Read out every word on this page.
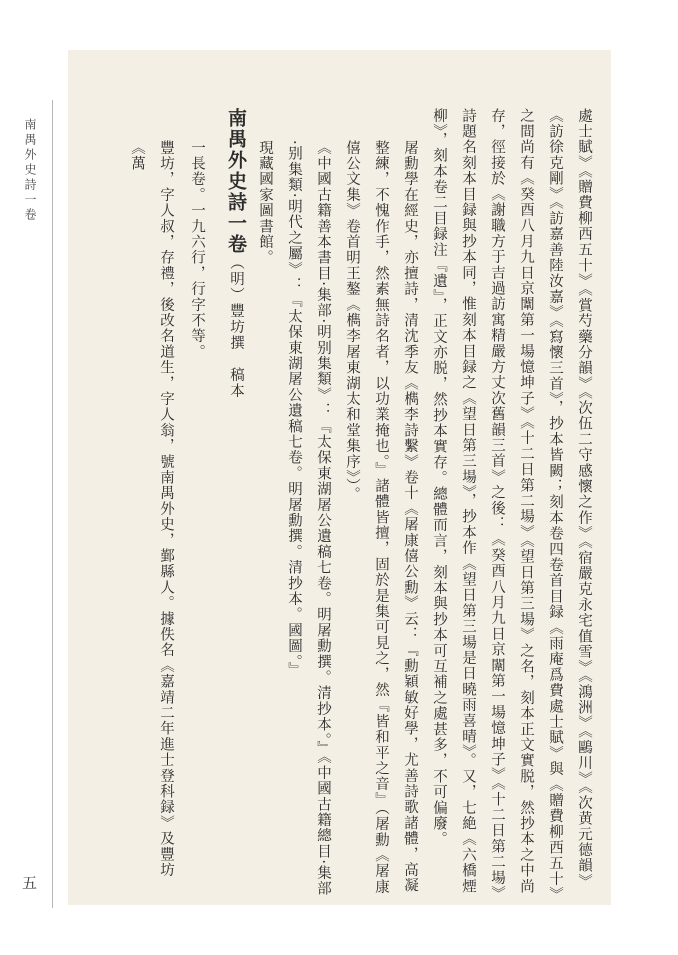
南禺外史詩一卷
五	處士賦》《贈費柳西五十》《賞芍藥分韻》《次伍二守感懷之作》《宿嚴克永宅值雪》《鴻洲》《鷗川》《次黄元德韻》《訪徐克剛》《訪嘉善陸汝嘉》《寫懷三首》，抄本皆闕；刻本卷四卷首目録《雨庵爲費處士賦》與《贈費柳西五十》之間尚有《癸酉八月九日京闈第一場憶坤子》《十二日第二場》《望日第三場》之名，刻本正文實脱，然抄本之中尚存，徑接於《謝職方于吉過訪寓精嚴方丈次舊韻三首》之後：《癸酉八月九日京闈第一場憶坤子》《十二日第二場》詩題名刻本目録與抄本同，惟刻本目録之《望日第三場》，抄本作《望日第三場是日曉雨喜晴》。又，七絶《六橋煙柳》，刻本卷二目録注『遺』，正文亦脱，然抄本實存。總體而言，刻本與抄本可互補之處甚多，不可偏廢。

屠勳學在經史，亦擅詩，清沈季友《檇李詩繫》卷十《屠康僖公勳》云：『勳穎敏好學，尤善詩歌諸體，高凝整練，不愧作手，然素無詩名者，以功業掩也。』諸體皆擅，固於是集可見之，然『皆和平之音』（屠勳《屠康僖公文集》卷首明王鏊《檇李屠東湖太和堂集序》）。

《中國古籍善本書目·集部·明别集類》：『太保東湖屠公遺稿七卷。明屠勳撰。清抄本。』《中國古籍總目·集部·别集類·明代之屬》：『太保東湖屠公遺稿七卷。明屠勳撰。清抄本。國圖。』

現藏國家圖書館。

南禺外史詩一卷（明）豐坊撰　稿本

一長卷。一九六行，行字不等。

豐坊，字人叔，存禮，後改名道生，字人翁，號南禺外史，鄞縣人。據佚名《嘉靖二年進士登科録》及豐坊《萬
